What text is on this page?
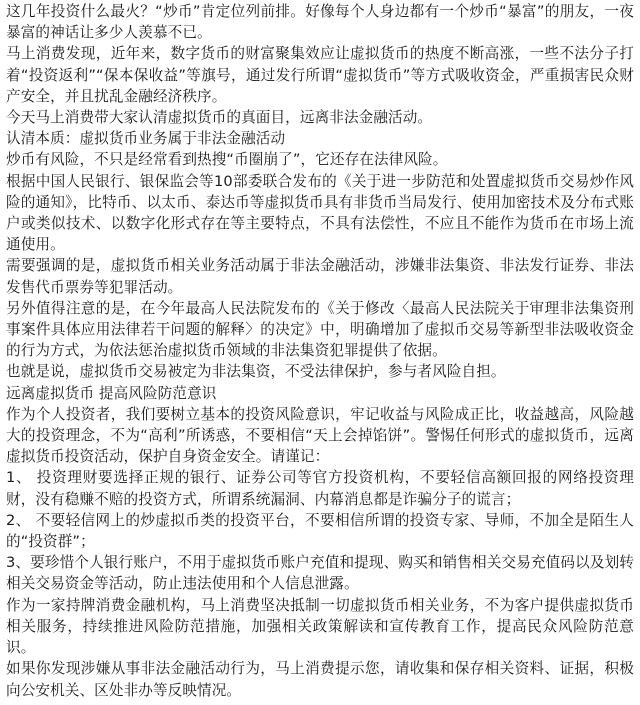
这几年投资什么最火？“炒币”肯定位列前排。好像每个人身边都有一个炒币“暴富”的朋友，一夜暴富的神话让多少人羡慕不已。

马上消费发现，近年来，数字货币的财富聚集效应让虚拟货币的热度不断高涨，一些不法分子打着“投资返利”“保本保收益”等旗号，通过发行所谓“虚拟货币”等方式吸收资金，严重损害民众财产安全，并且扰乱金融经济秩序。

今天马上消费带大家认清虚拟货币的真面目，远离非法金融活动。

认清本质：虚拟货币业务属于非法金融活动

炒币有风险，不只是经常看到热搜“币圈崩了”，它还存在法律风险。

根据中国人民银行、银保监会等10部委联合发布的《关于进一步防范和处置虚拟货币交易炒作风险的通知》，比特币、以太币、泰达币等虚拟货币具有非货币当局发行、使用加密技术及分布式账户或类似技术、以数字化形式存在等主要特点，不具有法偿性，不应且不能作为货币在市场上流通使用。

需要强调的是，虚拟货币相关业务活动属于非法金融活动，涉嫌非法集资、非法发行证券、非法发售代币票券等犯罪活动。

另外值得注意的是，在今年最高人民法院发布的《关于修改〈最高人民法院关于审理非法集资刑事案件具体应用法律若干问题的解释〉的决定》中，明确增加了虚拟币交易等新型非法吸收资金的行为方式，为依法惩治虚拟货币领域的非法集资犯罪提供了依据。

也就是说，虚拟货币交易被定为非法集资，不受法律保护，参与者风险自担。

远离虚拟货币 提高风险防范意识

作为个人投资者，我们要树立基本的投资风险意识，牢记收益与风险成正比，收益越高，风险越大的投资理念，不为“高利”所诱惑，不要相信“天上会掉馅饼”。警惕任何形式的虚拟货币，远离虚拟货币投资活动，保护自身资金安全。请谨记：

1、 投资理财要选择正规的银行、证券公司等官方投资机构，不要轻信高额回报的网络投资理财，没有稳赚不赔的投资方式，所谓系统漏洞、内幕消息都是诈骗分子的谎言；

2、 不要轻信网上的炒虚拟币类的投资平台，不要相信所谓的投资专家、导师，不加全是陌生人的“投资群”；

3、要珍惜个人银行账户，不用于虚拟货币账户充值和提现、购买和销售相关交易充值码以及划转相关交易资金等活动，防止违法使用和个人信息泄露。

作为一家持牌消费金融机构，马上消费坚决抵制一切虚拟货币相关业务，不为客户提供虚拟货币相关服务，持续推进风险防范措施，加强相关政策解读和宣传教育工作，提高民众风险防范意识。

如果你发现涉嫌从事非法金融活动行为，马上消费提示您，请收集和保存相关资料、证据，积极向公安机关、区处非办等反映情况。
